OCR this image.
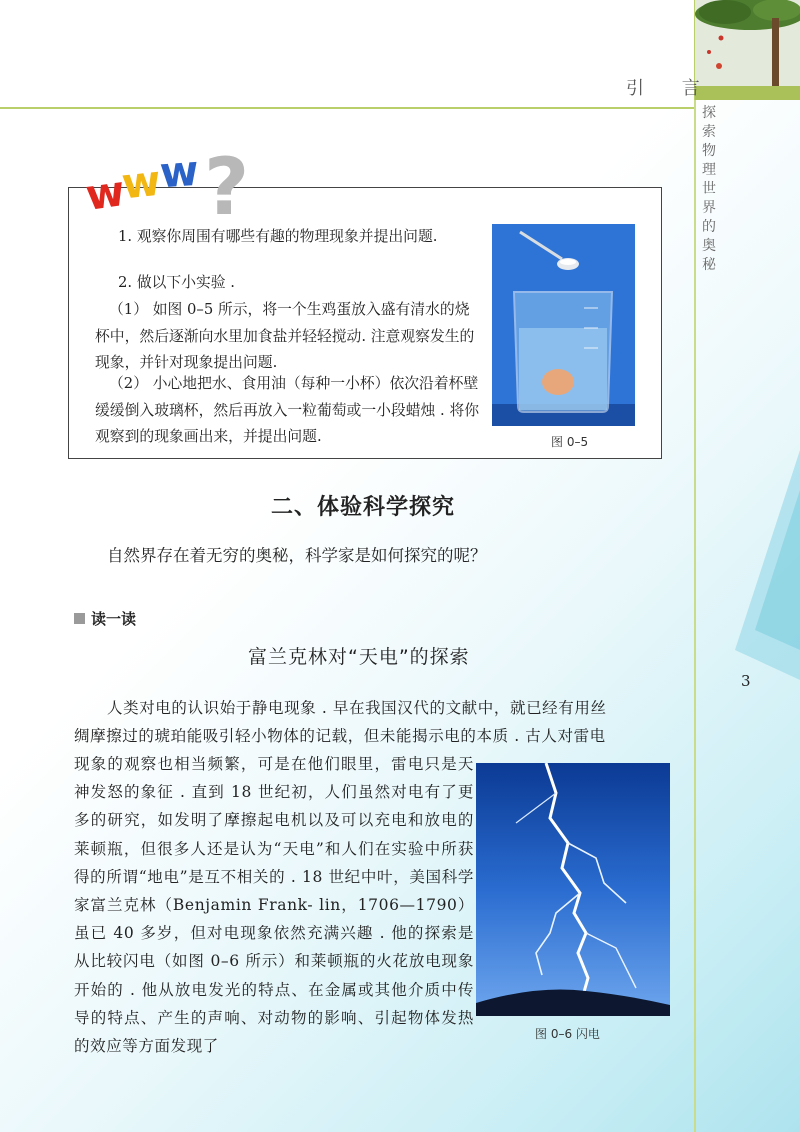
引 言
探索物理世界的奥秘
3
w
w
w ?
1. 观察你周围有哪些有趣的物理现象并提出问题.
2. 做以下小实验 .
（1） 如图 0–5 所示，将一个生鸡蛋放入盛有清水的烧杯中，然后逐渐向水里加食盐并轻轻搅动. 注意观察发生的现象，并针对现象提出问题.
（2） 小心地把水、食用油（每种一小杯）依次沿着杯壁缓缓倒入玻璃杯，然后再放入一粒葡萄或一小段蜡烛 . 将你观察到的现象画出来，并提出问题.	图 0–5
二、体验科学探究
自然界存在着无穷的奥秘，科学家是如何探究的呢？
读一读
富兰克林对“天电”的探索
人类对电的认识始于静电现象 . 早在我国汉代的文献中，就已经有用丝
绸摩擦过的琥珀能吸引轻小物体的记载，但未能揭示电的本质 . 古人对雷电
现象的观察也相当频繁，可是在他们眼里，雷电只是天神发怒的象征 . 直到 18 世纪初，人们虽然对电有了更多的研究，如发明了摩擦起电机以及可以充电和放电的莱顿瓶，但很多人还是认为“天电”和人们在实验中所获得的所谓“地电”是互不相关的 . 18 世纪中叶，美国科学家富兰克林（Benjamin Frank- lin，1706—1790）虽已 40 多岁，但对电现象依然充满兴趣 . 他的探索是从比较闪电（如图 0–6 所示）和莱顿瓶的火花放电现象开始的 . 他从放电发光的特点、在金属或其他介质中传导的特点、产生的声响、对动物的影响、引起物体发热的效应等方面发现了
图 0–6 闪电
